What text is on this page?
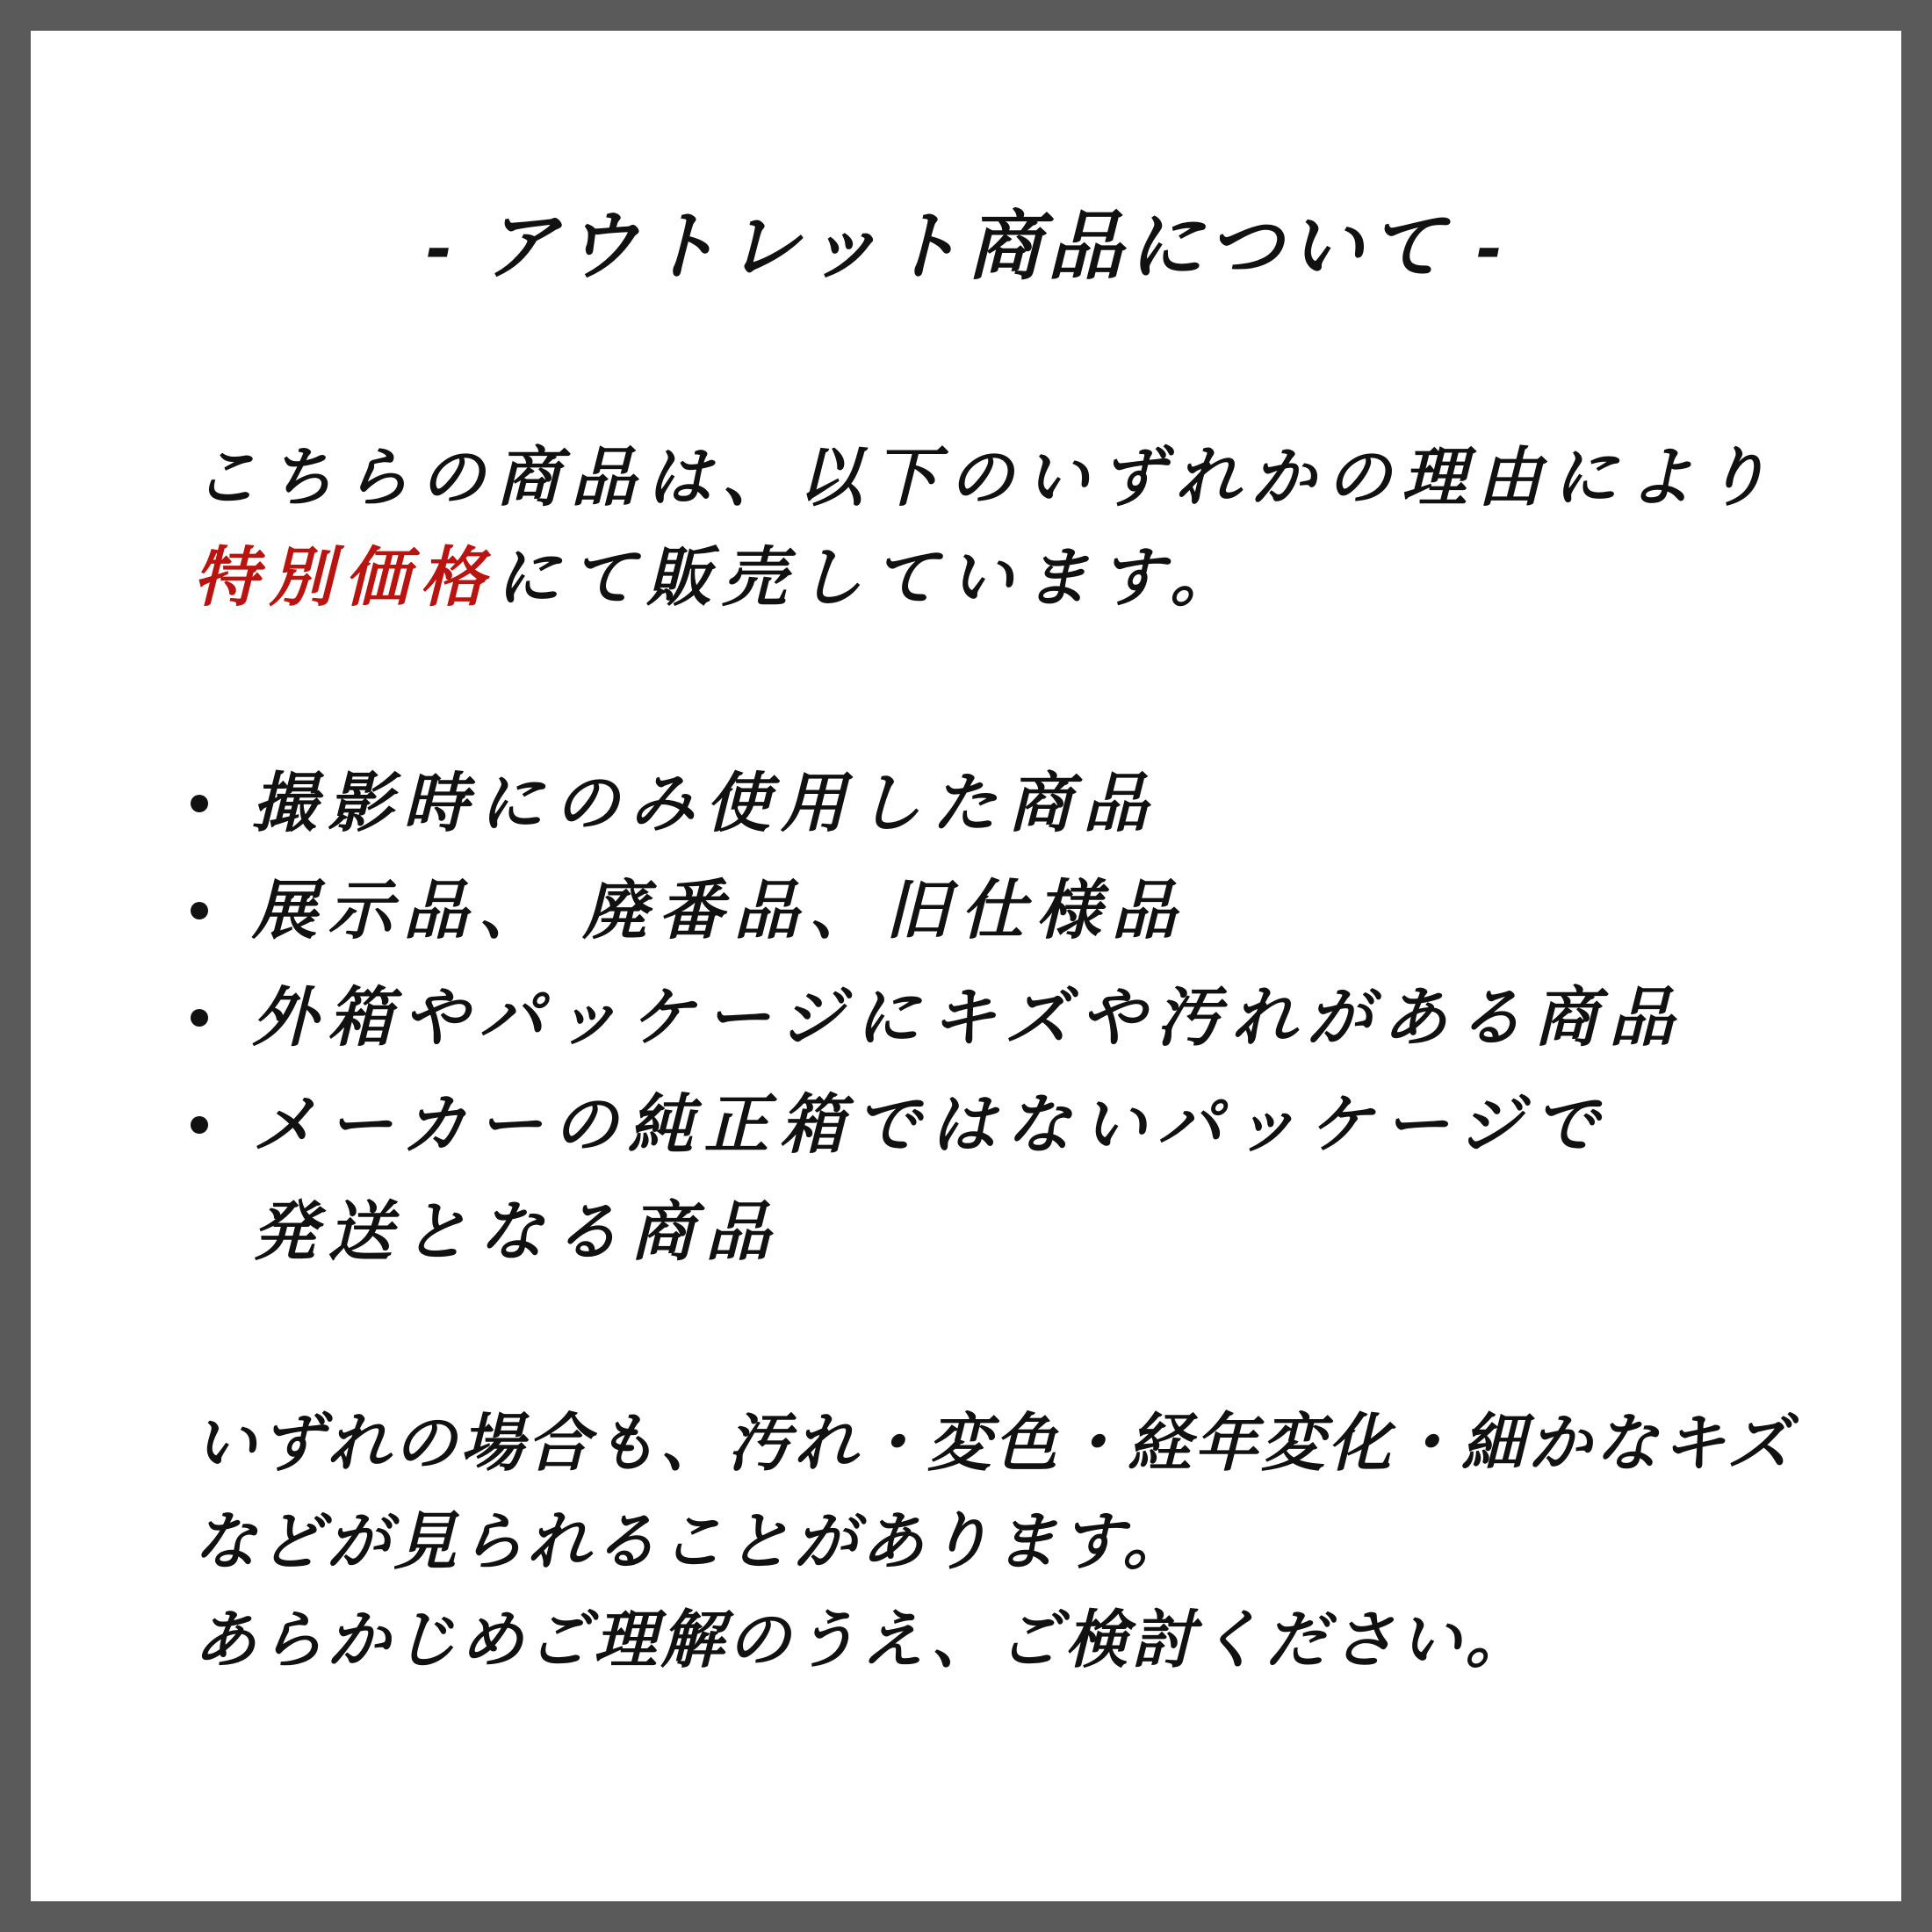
- アウトレット商品について -
こちらの商品は、以下のいずれかの理由により
特別価格にて販売しています。
撮影時にのみ使用した商品
展示品、 廃番品、旧仕様品
外箱やパッケージにキズや汚れがある商品
メーカーの純正箱ではないパッケージで
発送となる商品
いずれの場合も、汚れ・変色・経年変化・細かなキズ
などが見られることがあります。
あらかじめご理解のうえ、ご検討ください。
